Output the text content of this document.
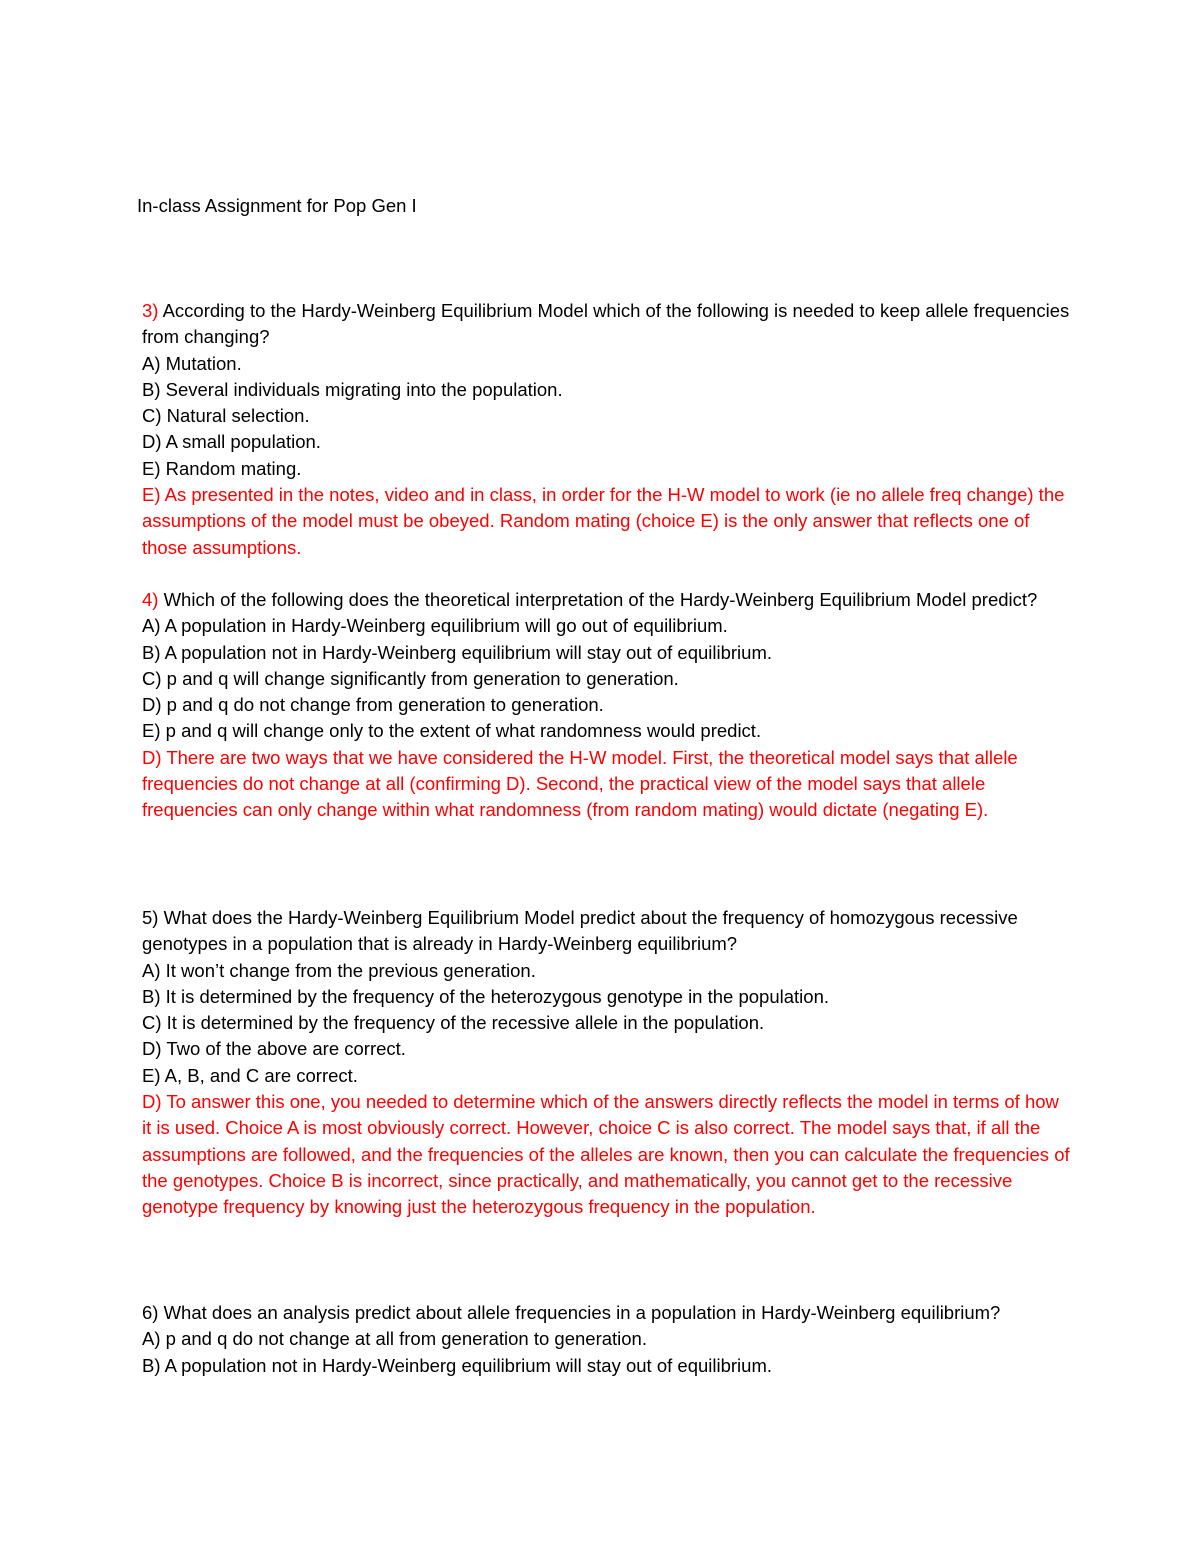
In-class Assignment for Pop Gen I

3) According to the Hardy-Weinberg Equilibrium Model which of the following is needed to keep allele frequencies from changing?

A) Mutation.

B) Several individuals migrating into the population.

C) Natural selection.

D) A small population.

E) Random mating.

E) As presented in the notes, video and in class, in order for the H-W model to work (ie no allele freq change) the assumptions of the model must be obeyed. Random mating (choice E) is the only answer that reflects one of those assumptions.

4) Which of the following does the theoretical interpretation of the Hardy-Weinberg Equilibrium Model predict?

A) A population in Hardy-Weinberg equilibrium will go out of equilibrium.

B) A population not in Hardy-Weinberg equilibrium will stay out of equilibrium.

C) p and q will change significantly from generation to generation.

D) p and q do not change from generation to generation.

E) p and q will change only to the extent of what randomness would predict.

D) There are two ways that we have considered the H-W model. First, the theoretical model says that allele frequencies do not change at all (confirming D). Second, the practical view of the model says that allele frequencies can only change within what randomness (from random mating) would dictate (negating E).

5) What does the Hardy-Weinberg Equilibrium Model predict about the frequency of homozygous recessive genotypes in a population that is already in Hardy-Weinberg equilibrium?

A) It won’t change from the previous generation.

B) It is determined by the frequency of the heterozygous genotype in the population.

C) It is determined by the frequency of the recessive allele in the population.

D) Two of the above are correct.

E) A, B, and C are correct.

D) To answer this one, you needed to determine which of the answers directly reflects the model in terms of how it is used. Choice A is most obviously correct. However, choice C is also correct. The model says that, if all the assumptions are followed, and the frequencies of the alleles are known, then you can calculate the frequencies of the genotypes. Choice B is incorrect, since practically, and mathematically, you cannot get to the recessive genotype frequency by knowing just the heterozygous frequency in the population.

6) What does an analysis predict about allele frequencies in a population in Hardy-Weinberg equilibrium?

A) p and q do not change at all from generation to generation.

B) A population not in Hardy-Weinberg equilibrium will stay out of equilibrium.
